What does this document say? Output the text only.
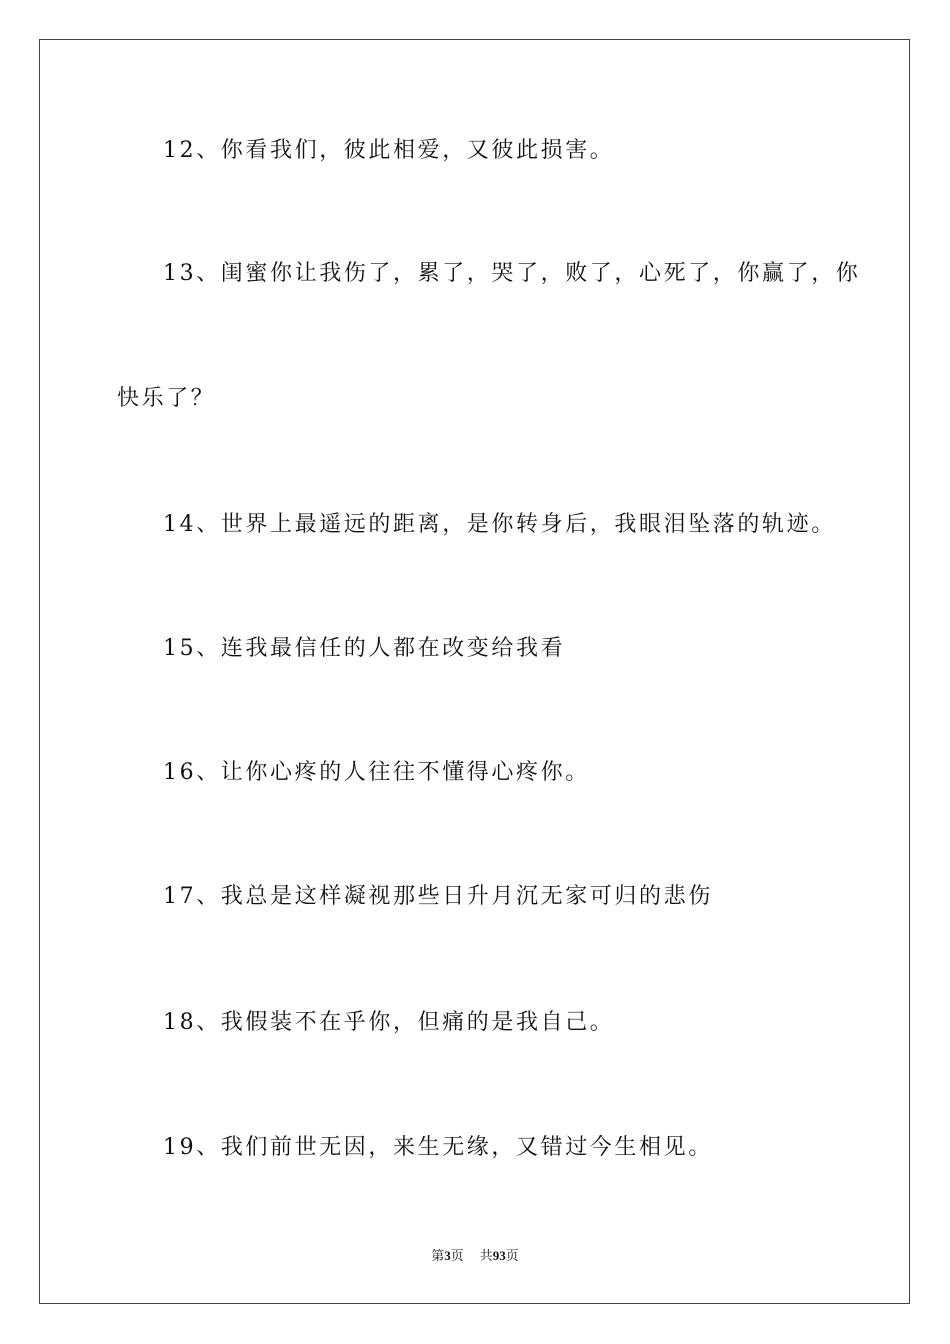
12、你看我们，彼此相爱，又彼此损害。
13、闺蜜你让我伤了，累了，哭了，败了，心死了，你赢了，你
快乐了？
14、世界上最遥远的距离，是你转身后，我眼泪坠落的轨迹。
15、连我最信任的人都在改变给我看
16、让你心疼的人往往不懂得心疼你。
17、我总是这样凝视那些日升月沉无家可归的悲伤
18、我假装不在乎你，但痛的是我自己。
19、我们前世无因，来生无缘，又错过今生相见。
第3页 共93页
